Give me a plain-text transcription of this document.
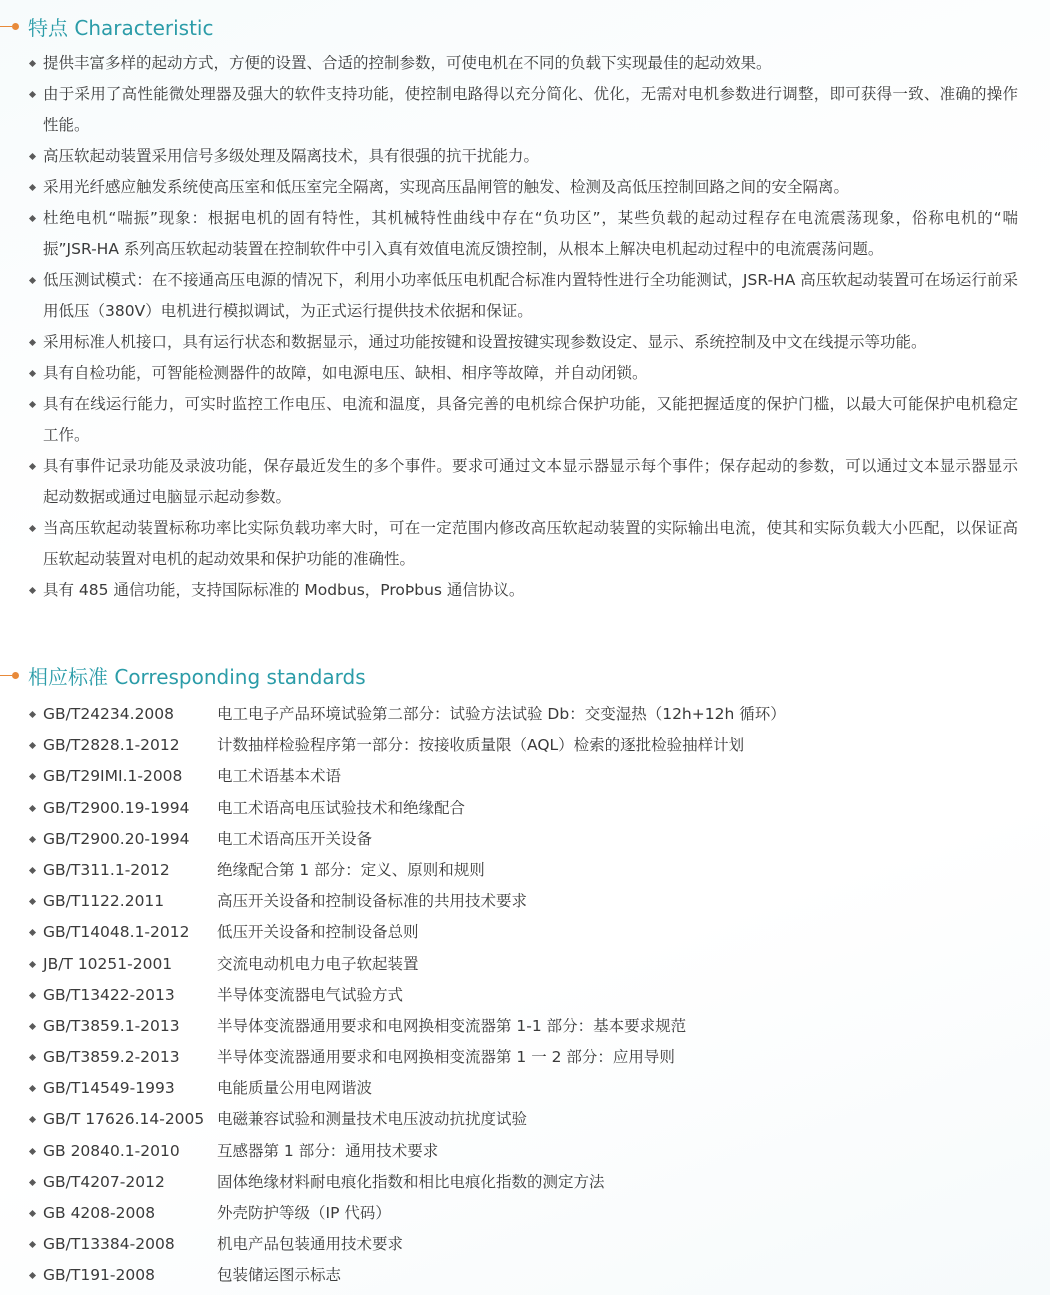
特点 Characteristic
提供丰富多样的起动方式，方便的设置、合适的控制参数，可使电机在不同的负载下实现最佳的起动效果。
由于采用了高性能微处理器及强大的软件支持功能，使控制电路得以充分简化、优化，无需对电机参数进行调整，即可获得一致、准确的操作性能。
高压软起动装置采用信号多级处理及隔离技术，具有很强的抗干扰能力。
采用光纤感应触发系统使高压室和低压室完全隔离，实现高压晶闸管的触发、检测及高低压控制回路之间的安全隔离。
杜绝电机“喘振”现象：根据电机的固有特性，其机械特性曲线中存在“负功区”，某些负载的起动过程存在电流震荡现象，俗称电机的“喘振”JSR-HA 系列高压软起动装置在控制软件中引入真有效值电流反馈控制，从根本上解决电机起动过程中的电流震荡问题。
低压测试模式：在不接通高压电源的情况下，利用小功率低压电机配合标准内置特性进行全功能测试，JSR-HA 高压软起动装置可在场运行前采用低压（380V）电机进行模拟调试，为正式运行提供技术依据和保证。
采用标准人机接口，具有运行状态和数据显示，通过功能按键和设置按键实现参数设定、显示、系统控制及中文在线提示等功能。
具有自检功能，可智能检测器件的故障，如电源电压、缺相、相序等故障，并自动闭锁。
具有在线运行能力，可实时监控工作电压、电流和温度，具备完善的电机综合保护功能，又能把握适度的保护门槛，以最大可能保护电机稳定工作。
具有事件记录功能及录波功能，保存最近发生的多个事件。要求可通过文本显示器显示每个事件；保存起动的参数，可以通过文本显示器显示起动数据或通过电脑显示起动参数。
当高压软起动装置标称功率比实际负载功率大时，可在一定范围内修改高压软起动装置的实际输出电流，使其和实际负载大小匹配，以保证高压软起动装置对电机的起动效果和保护功能的准确性。
具有 485 通信功能，支持国际标准的 Modbus，ProÞbus 通信协议。
相应标准 Corresponding standards
GB/T24234.2008	电工电子产品环境试验第二部分：试验方法试验 Db：交变湿热（12h+12h 循环）
GB/T2828.1-2012 计数抽样检验程序第一部分：按接收质量限（AQL）检索的逐批检验抽样计划
GB/T29IMI.1-2008 电工术语基本术语
GB/T2900.19-1994 电工术语高电压试验技术和绝缘配合
GB/T2900.20-1994 电工术语高压开关设备
GB/T311.1-2012	绝缘配合第 1 部分：定义、原则和规则
GB/T1122.2011	高压开关设备和控制设备标准的共用技术要求
GB/T14048.1-2012 低压开关设备和控制设备总则
JB/T 10251-2001	交流电动机电力电子软起装置
GB/T13422-2013	半导体变流器电气试验方式
GB/T3859.1-2013 半导体变流器通用要求和电网换相变流器第 1-1 部分：基本要求规范
GB/T3859.2-2013 半导体变流器通用要求和电网换相变流器第 1 一 2 部分：应用导则
GB/T14549-1993	电能质量公用电网谐波
GB/T 17626.14-2005 电磁兼容试验和测量技术电压波动抗扰度试验
GB 20840.1-2010 互感器第 1 部分：通用技术要求
GB/T4207-2012	固体绝缘材料耐电痕化指数和相比电痕化指数的测定方法
GB 4208-2008	外壳防护等级（IP 代码）
GB/T13384-2008	机电产品包装通用技术要求
GB/T191-2008	包装储运图示标志
